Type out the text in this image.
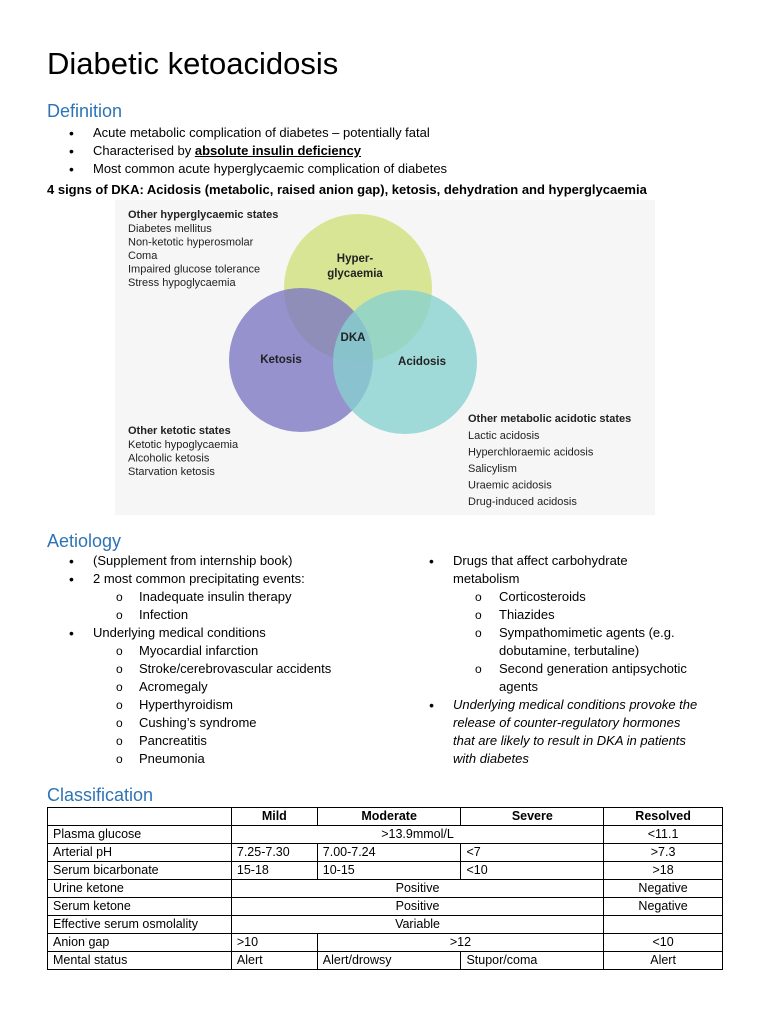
Diabetic ketoacidosis
Definition
• Acute metabolic complication of diabetes – potentially fatal
• Characterised by absolute insulin deficiency
• Most common acute hyperglycaemic complication of diabetes
4 signs of DKA: Acidosis (metabolic, raised anion gap), ketosis, dehydration and hyperglycaemia
Hyper-
glycaemia
Ketosis	Acidosis
DKA
Other hyperglycaemic states
Diabetes mellitus
Non-ketotic hyperosmolar
Coma
Impaired glucose tolerance
Stress hypoglycaemia
Other ketotic states
Ketotic hypoglycaemia
Alcoholic ketosis
Starvation ketosis
Other metabolic acidotic states
Lactic acidosis
Hyperchloraemic acidosis
Salicylism
Uraemic acidosis
Drug-induced acidosis
Aetiology
• (Supplement from internship book)
• 2 most common precipitating events:
o Inadequate insulin therapy
o Infection
• Underlying medical conditions
o Myocardial infarction
o Stroke/cerebrovascular accidents
o Acromegaly
o Hyperthyroidism
o Cushing’s syndrome
o Pancreatitis
o Pneumonia
• Drugs that affect carbohydrate
metabolism
o Corticosteroids
o Thiazides
o Sympathomimetic agents (e.g.
dobutamine, terbutaline)
o Second generation antipsychotic
agents
• Underlying medical conditions provoke the
release of counter-regulatory hormones
that are likely to result in DKA in patients
with diabetes
Classification
	Mild	Moderate	Severe	Resolved
Plasma glucose	>13.9mmol/L			<11.1
Arterial pH	7.25-7.30	7.00-7.24	<7	>7.3
Serum bicarbonate	15-18	10-15	<10	>18
Urine ketone	Positive			Negative
Serum ketone	Positive			Negative
Effective serum osmolality	Variable			
Anion gap	>10	>12		<10
Mental status	Alert	Alert/drowsy	Stupor/coma	Alert
